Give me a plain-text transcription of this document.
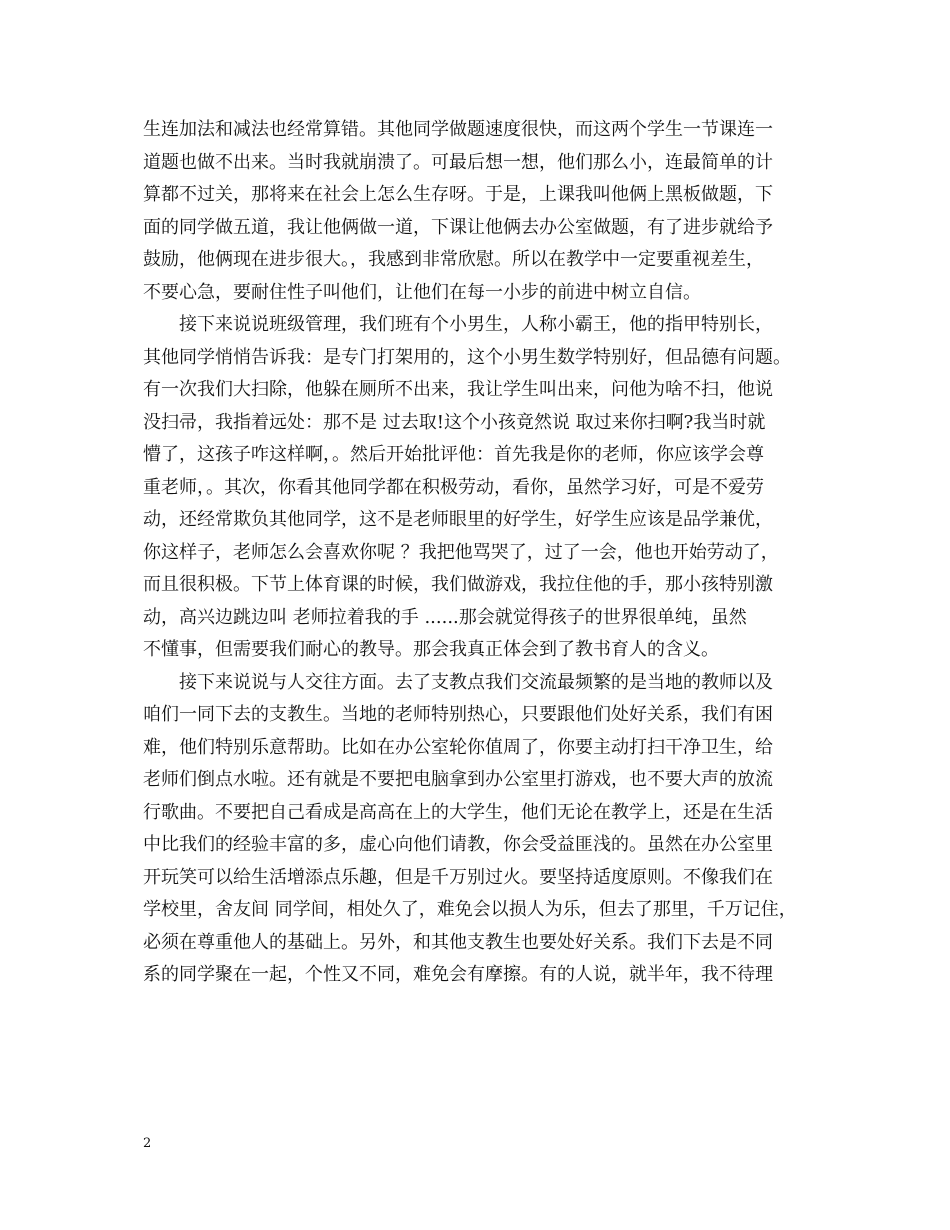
生连加法和减法也经常算错。其他同学做题速度很快，而这两个学生一节课连一
道题也做不出来。当时我就崩溃了。可最后想一想，他们那么小，连最简单的计
算都不过关，那将来在社会上怎么生存呀。于是，上课我叫他俩上黑板做题，下
面的同学做五道，我让他俩做一道，下课让他俩去办公室做题，有了进步就给予
鼓励，他俩现在进步很大。，我感到非常欣慰。所以在教学中一定要重视差生，
不要心急，要耐住性子叫他们，让他们在每一小步的前进中树立自信。
接下来说说班级管理，我们班有个小男生，人称小霸王，他的指甲特别长，
其他同学悄悄告诉我：是专门打架用的，这个小男生数学特别好，但品德有问题。
有一次我们大扫除，他躲在厕所不出来，我让学生叫出来，问他为啥不扫，他说
没扫帚，我指着远处：那不是 过去取!这个小孩竟然说 取过来你扫啊?我当时就
懵了，这孩子咋这样啊，。然后开始批评他：首先我是你的老师，你应该学会尊
重老师，。其次，你看其他同学都在积极劳动，看你，虽然学习好，可是不爱劳
动，还经常欺负其他同学，这不是老师眼里的好学生，好学生应该是品学兼优，
你这样子，老师怎么会喜欢你呢 ？我把他骂哭了，过了一会，他也开始劳动了，
而且很积极。下节上体育课的时候，我们做游戏，我拉住他的手，那小孩特别激
动，高兴边跳边叫 老师拉着我的手 ......那会就觉得孩子的世界很单纯，虽然
不懂事，但需要我们耐心的教导。那会我真正体会到了教书育人的含义。
接下来说说与人交往方面。去了支教点我们交流最频繁的是当地的教师以及
咱们一同下去的支教生。当地的老师特别热心，只要跟他们处好关系，我们有困
难，他们特别乐意帮助。比如在办公室轮你值周了，你要主动打扫干净卫生，给
老师们倒点水啦。还有就是不要把电脑拿到办公室里打游戏，也不要大声的放流
行歌曲。不要把自己看成是高高在上的大学生，他们无论在教学上，还是在生活
中比我们的经验丰富的多，虚心向他们请教，你会受益匪浅的。虽然在办公室里
开玩笑可以给生活增添点乐趣，但是千万别过火。要坚持适度原则。不像我们在
学校里，舍友间 同学间，相处久了，难免会以损人为乐，但去了那里，千万记住，
必须在尊重他人的基础上。另外，和其他支教生也要处好关系。我们下去是不同
系的同学聚在一起，个性又不同，难免会有摩擦。有的人说，就半年，我不待理
2
